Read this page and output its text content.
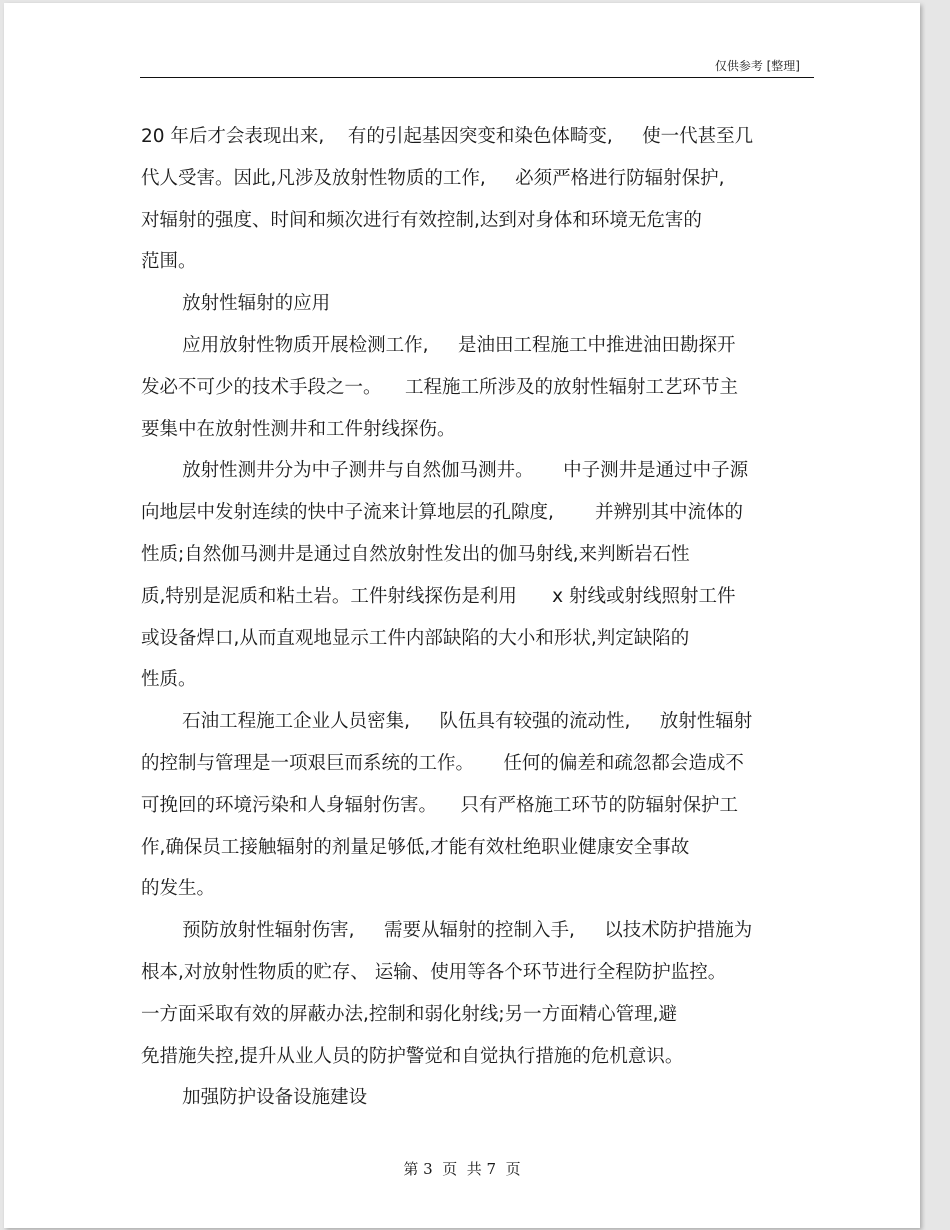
仅供参考 [整理]
20 年后才会表现出来,    有的引起基因突变和染色体畸变,     使一代甚至几
代人受害。因此,凡涉及放射性物质的工作,     必须严格进行防辐射保护,
对辐射的强度、时间和频次进行有效控制,达到对身体和环境无危害的
范围。
放射性辐射的应用
应用放射性物质开展检测工作,     是油田工程施工中推进油田勘探开
发必不可少的技术手段之一。    工程施工所涉及的放射性辐射工艺环节主
要集中在放射性测井和工件射线探伤。
放射性测井分为中子测井与自然伽马测井。     中子测井是通过中子源
向地层中发射连续的快中子流来计算地层的孔隙度,       并辨别其中流体的
性质;自然伽马测井是通过自然放射性发出的伽马射线,来判断岩石性
质,特别是泥质和粘土岩。工件射线探伤是利用      x 射线或射线照射工件
或设备焊口,从而直观地显示工件内部缺陷的大小和形状,判定缺陷的
性质。
石油工程施工企业人员密集,     队伍具有较强的流动性,     放射性辐射
的控制与管理是一项艰巨而系统的工作。     任何的偏差和疏忽都会造成不
可挽回的环境污染和人身辐射伤害。    只有严格施工环节的防辐射保护工
作,确保员工接触辐射的剂量足够低,才能有效杜绝职业健康安全事故
的发生。
预防放射性辐射伤害,     需要从辐射的控制入手,     以技术防护措施为
根本,对放射性物质的贮存、 运输、使用等各个环节进行全程防护监控。
一方面采取有效的屏蔽办法,控制和弱化射线;另一方面精心管理,避
免措施失控,提升从业人员的防护警觉和自觉执行措施的危机意识。
加强防护设备设施建设
第 3  页  共 7  页
